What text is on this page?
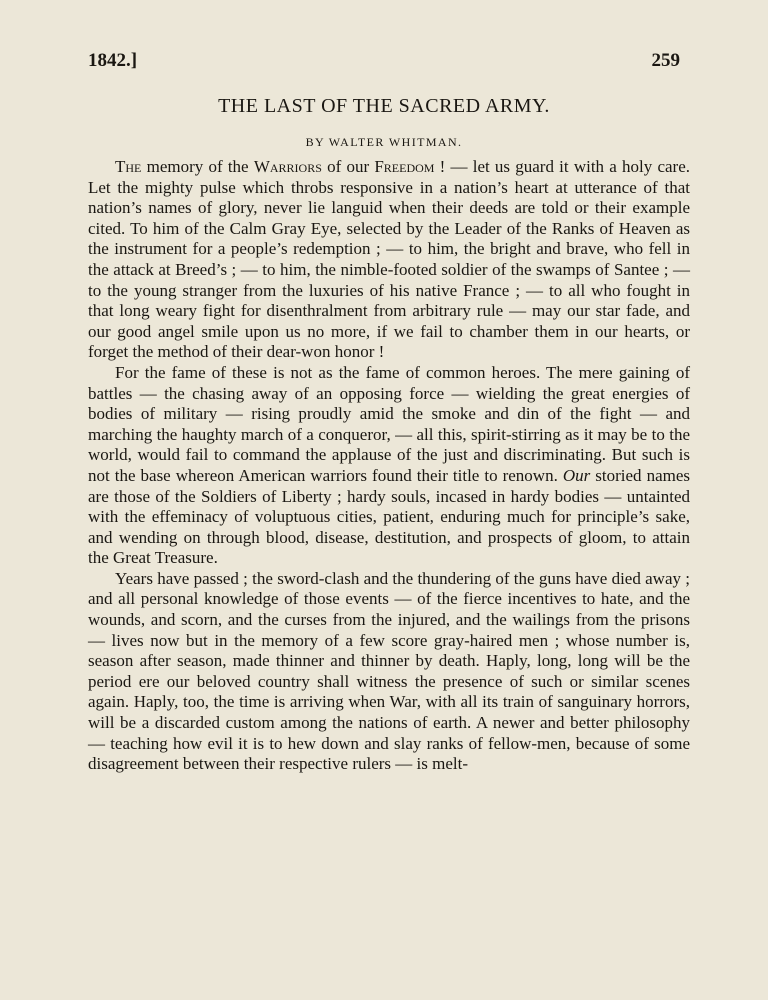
1842.]	259
THE LAST OF THE SACRED ARMY.
BY WALTER WHITMAN.

The memory of the Warriors of our Freedom ! — let us guard it with a holy care. Let the mighty pulse which throbs responsive in a nation’s heart at utterance of that nation’s names of glory, never lie languid when their deeds are told or their example cited. To him of the Calm Gray Eye, selected by the Leader of the Ranks of Heaven as the instrument for a people’s redemption ; — to him, the bright and brave, who fell in the attack at Breed’s ; — to him, the nimble-footed soldier of the swamps of Santee ; — to the young stranger from the luxuries of his native France ; — to all who fought in that long weary fight for disenthralment from arbitrary rule — may our star fade, and our good angel smile upon us no more, if we fail to chamber them in our hearts, or forget the method of their dear-won honor !

For the fame of these is not as the fame of common heroes. The mere gaining of battles — the chasing away of an opposing force — wielding the great energies of bodies of military — rising proudly amid the smoke and din of the fight — and marching the haughty march of a conqueror, — all this, spirit-stirring as it may be to the world, would fail to command the applause of the just and discriminating. But such is not the base whereon American warriors found their title to renown. Our storied names are those of the Soldiers of Liberty ; hardy souls, incased in hardy bodies — untainted with the effeminacy of voluptuous cities, patient, enduring much for principle’s sake, and wending on through blood, disease, destitution, and prospects of gloom, to attain the Great Treasure.

Years have passed ; the sword-clash and the thundering of the guns have died away ; and all personal knowledge of those events — of the fierce incentives to hate, and the wounds, and scorn, and the curses from the injured, and the wailings from the prisons — lives now but in the memory of a few score gray-haired men ; whose number is, season after season, made thinner and thinner by death. Haply, long, long will be the period ere our beloved country shall witness the presence of such or similar scenes again. Haply, too, the time is arriving when War, with all its train of sanguinary horrors, will be a discarded custom among the nations of earth. A newer and better philosophy — teaching how evil it is to hew down and slay ranks of fellow-men, because of some disagreement between their respective rulers — is melt-
